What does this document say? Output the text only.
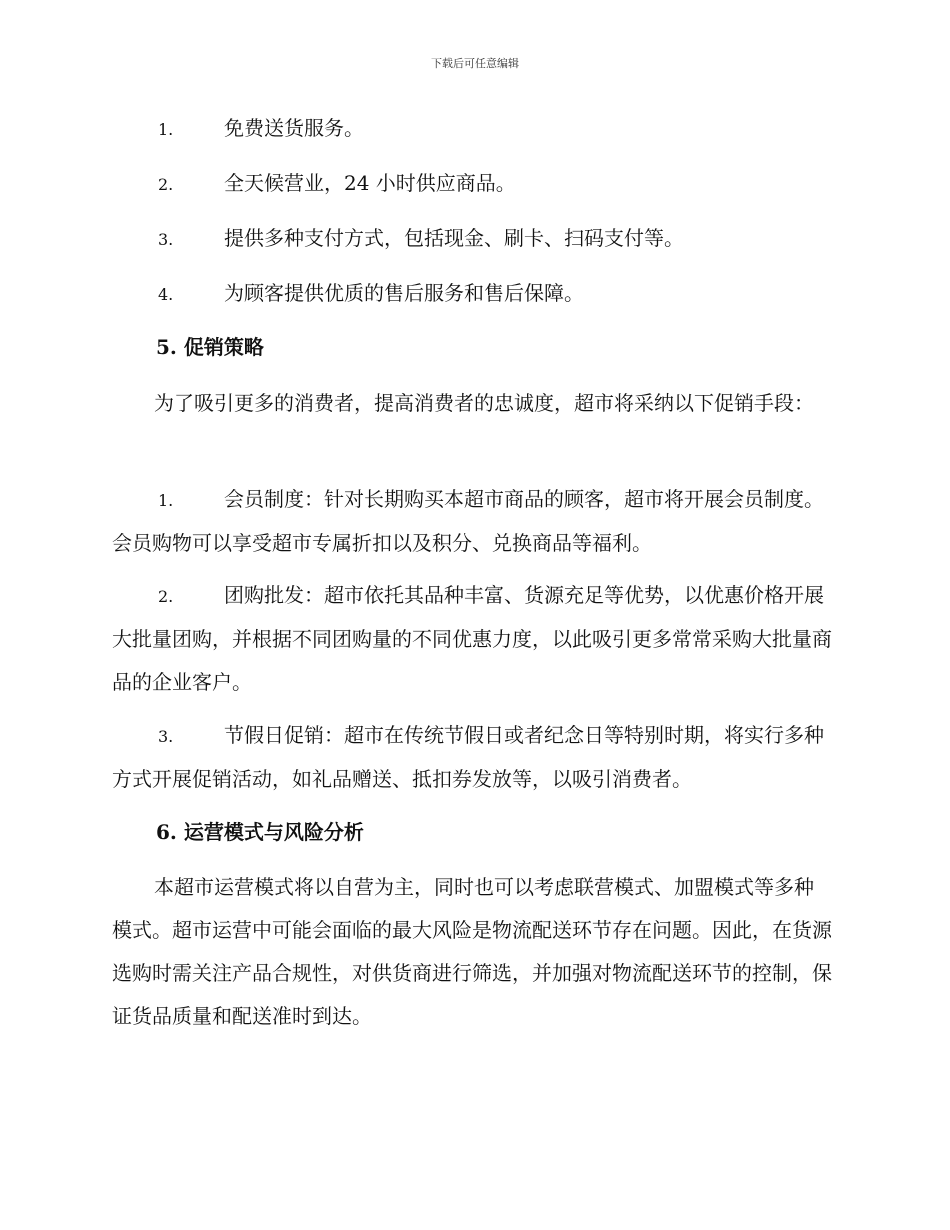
下载后可任意编辑
1.	免费送货服务。
2.	全天候营业，24 小时供应商品。
3.	提供多种支付方式，包括现金、刷卡、扫码支付等。
4.	为顾客提供优质的售后服务和售后保障。
5. 促销策略

为了吸引更多的消费者，提高消费者的忠诚度，超市将采纳以下促销手段：

1.	会员制度：针对长期购买本超市商品的顾客，超市将开展会员制度。会员购物可以享受超市专属折扣以及积分、兑换商品等福利。

2.	团购批发：超市依托其品种丰富、货源充足等优势，以优惠价格开展大批量团购，并根据不同团购量的不同优惠力度，以此吸引更多常常采购大批量商品的企业客户。

3.	节假日促销：超市在传统节假日或者纪念日等特别时期，将实行多种方式开展促销活动，如礼品赠送、抵扣券发放等，以吸引消费者。

6. 运营模式与风险分析

本超市运营模式将以自营为主，同时也可以考虑联营模式、加盟模式等多种模式。超市运营中可能会面临的最大风险是物流配送环节存在问题。因此，在货源选购时需关注产品合规性，对供货商进行筛选，并加强对物流配送环节的控制，保证货品质量和配送准时到达。
